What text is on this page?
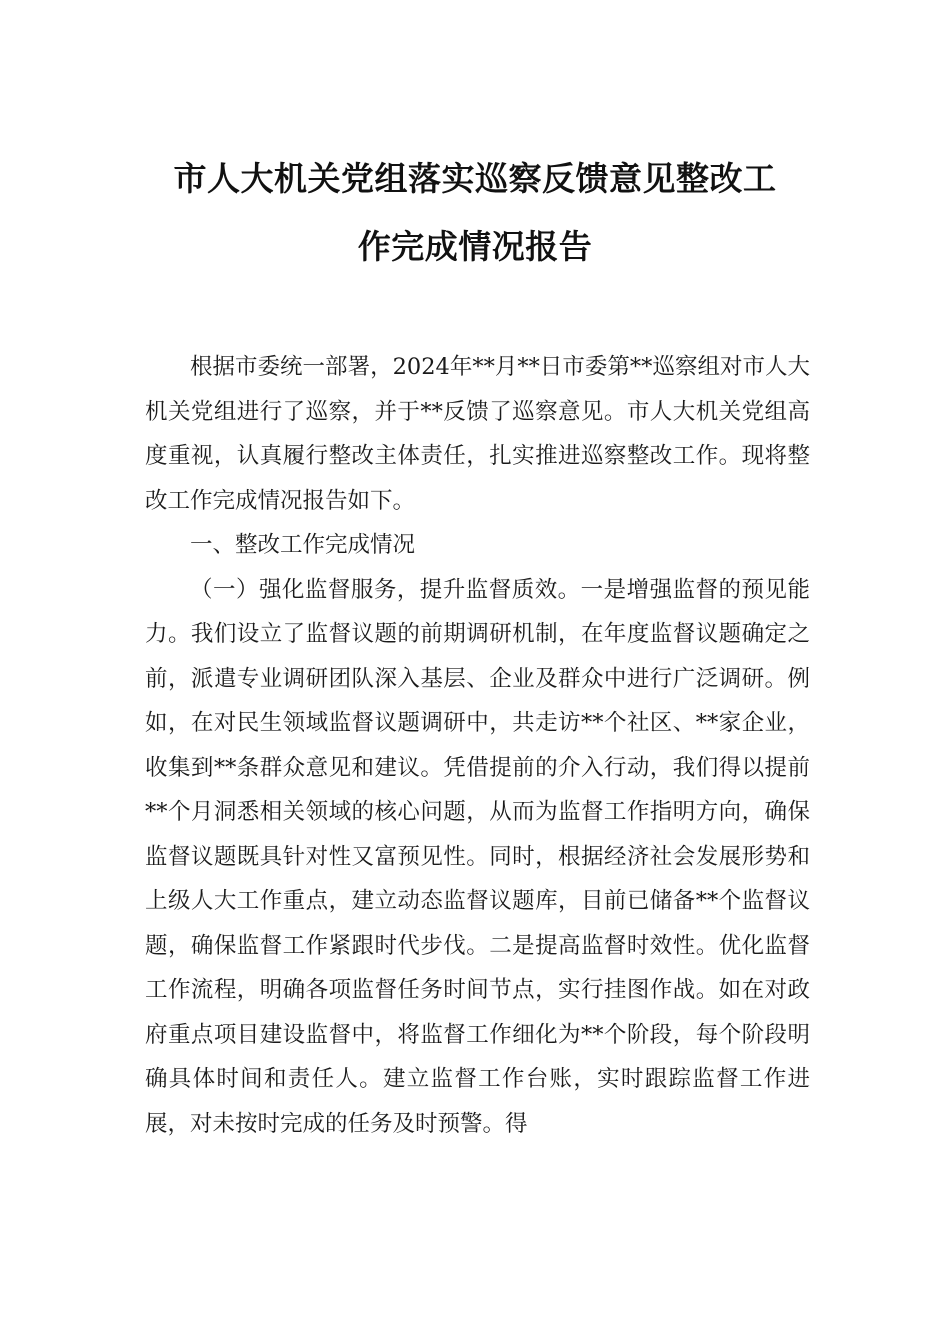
市人大机关党组落实巡察反馈意见整改工
作完成情况报告

根据市委统一部署，2024年**月**日市委第**巡察组对市人大机关党组进行了巡察，并于**反馈了巡察意见。市人大机关党组高度重视，认真履行整改主体责任，扎实推进巡察整改工作。现将整改工作完成情况报告如下。

一、整改工作完成情况

（一）强化监督服务，提升监督质效。一是增强监督的预见能力。我们设立了监督议题的前期调研机制，在年度监督议题确定之前，派遣专业调研团队深入基层、企业及群众中进行广泛调研。例如，在对民生领域监督议题调研中，共走访**个社区、**家企业，收集到**条群众意见和建议。凭借提前的介入行动，我们得以提前**个月洞悉相关领域的核心问题，从而为监督工作指明方向，确保监督议题既具针对性又富预见性。同时，根据经济社会发展形势和上级人大工作重点，建立动态监督议题库，目前已储备**个监督议题，确保监督工作紧跟时代步伐。二是提高监督时效性。优化监督工作流程，明确各项监督任务时间节点，实行挂图作战。如在对政府重点项目建设监督中，将监督工作细化为**个阶段，每个阶段明确具体时间和责任人。建立监督工作台账，实时跟踪监督工作进展，对未按时完成的任务及时预警。得
